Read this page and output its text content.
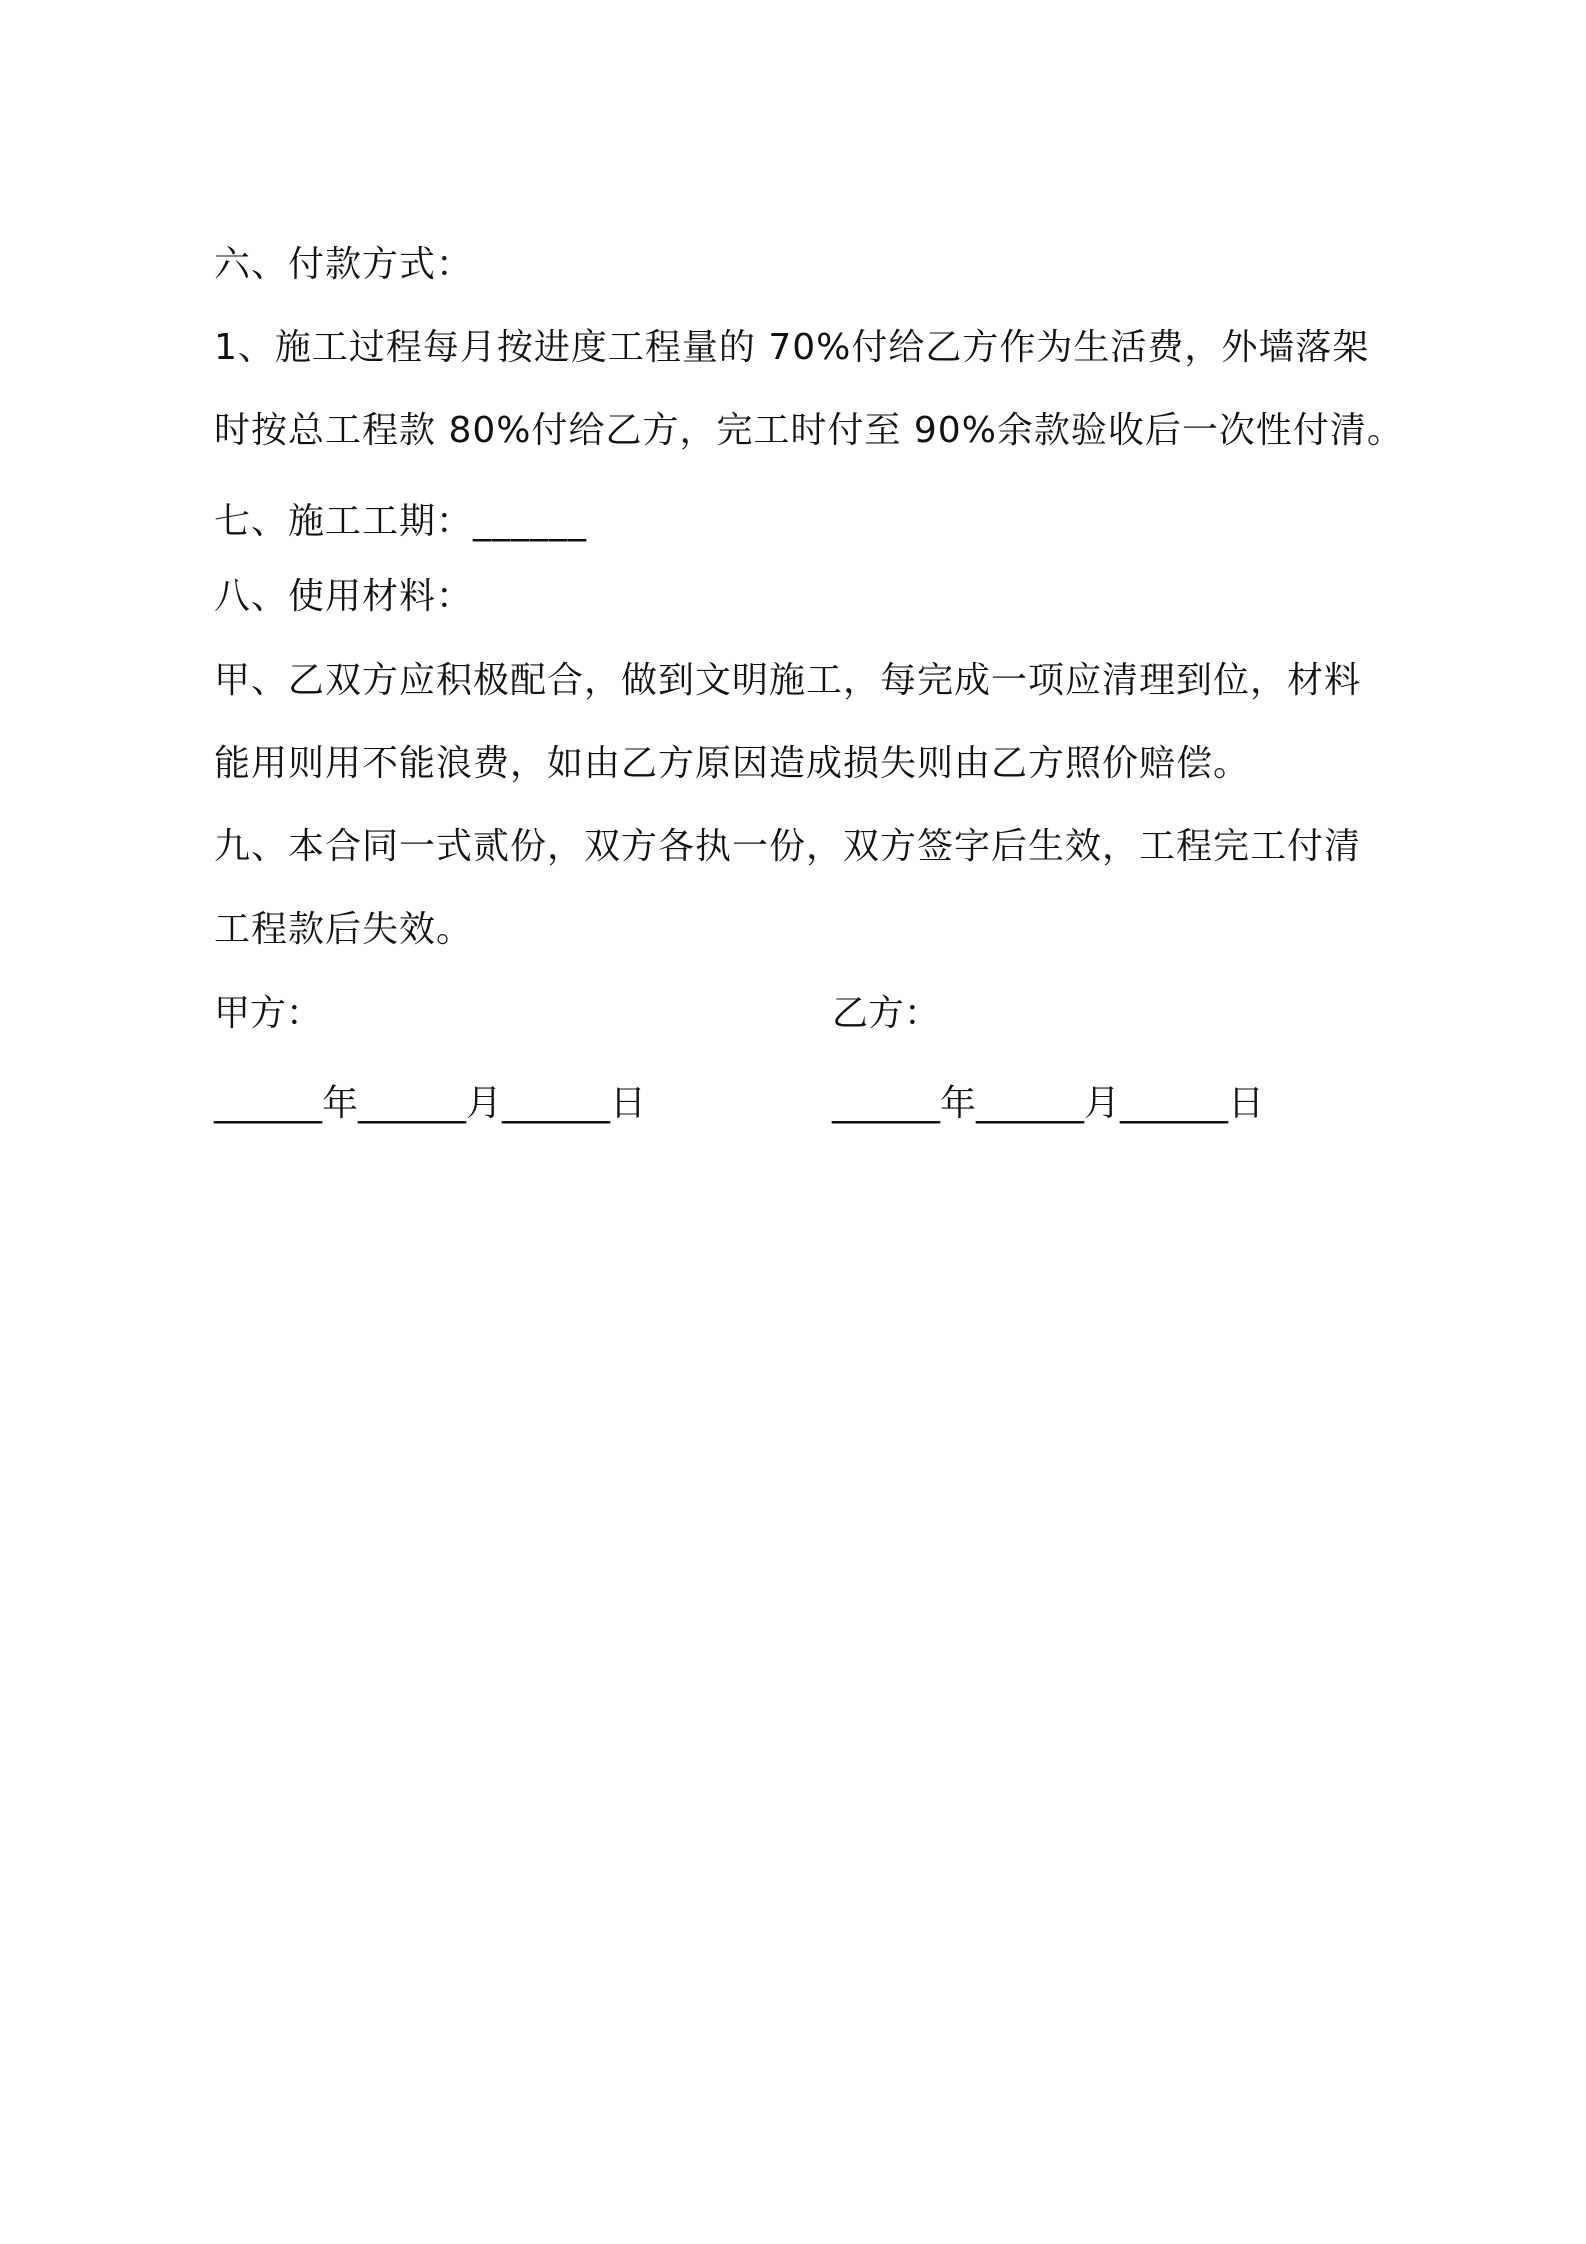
六、付款方式：
1、施工过程每月按进度工程量的 70%付给乙方作为生活费，外墙落架
时按总工程款 80%付给乙方，完工时付至 90%余款验收后一次性付清。
七、施工工期：______
八、使用材料：
甲、乙双方应积极配合，做到文明施工，每完成一项应清理到位，材料
能用则用不能浪费，如由乙方原因造成损失则由乙方照价赔偿。
九、本合同一式贰份，双方各执一份，双方签字后生效，工程完工付清
工程款后失效。
甲方：	乙方：
______年______月______日	______年______月______日
